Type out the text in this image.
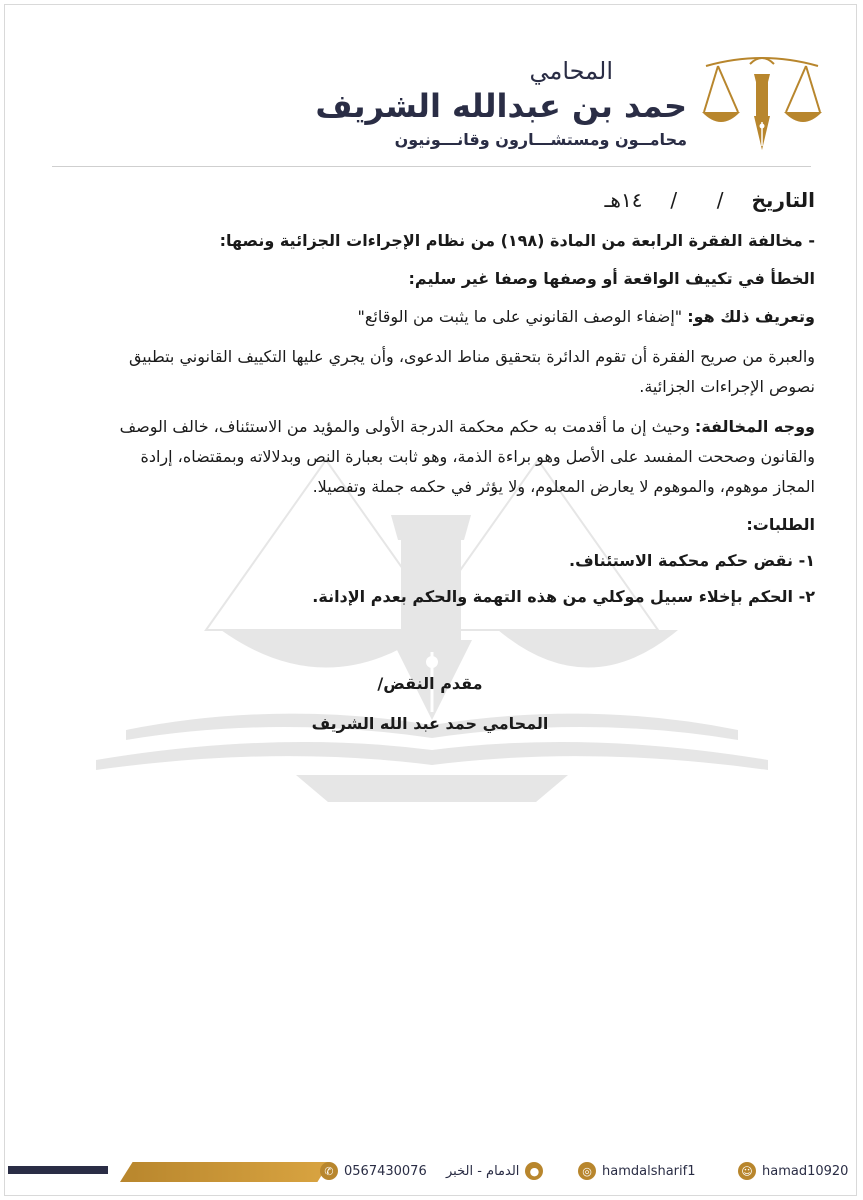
المحامي
حمد بن عبدالله الشريف
محامــون ومستشـــارون وقانـــونيون
التاريخ / / ١٤هـ

- مخالفة الفقرة الرابعة من المادة (١٩٨) من نظام الإجراءات الجزائية ونصها:

الخطأ في تكييف الواقعة أو وصفها وصفا غير سليم:

وتعريف ذلك هو: "إضفاء الوصف القانوني على ما يثبت من الوقائع"

والعبرة من صريح الفقرة أن تقوم الدائرة بتحقيق مناط الدعوى، وأن يجري عليها التكييف القانوني بتطبيق نصوص الإجراءات الجزائية.

ووجه المخالفة: وحيث إن ما أقدمت به حكم محكمة الدرجة الأولى والمؤيد من الاستئناف، خالف الوصف والقانون وصححت المفسد على الأصل وهو براءة الذمة، وهو ثابت بعبارة النص وبدلالاته وبمقتضاه، إرادة المجاز موهوم، والموهوم لا يعارض المعلوم، ولا يؤثر في حكمه جملة وتفصيلا.

الطلبات:

١- نقض حكم محكمة الاستئناف.

٢- الحكم بإخلاء سبيل موكلي من هذه التهمة والحكم بعدم الإدانة.

مقدم النقض/
المحامي حمد عبد الله الشريف
✆ 0567430076	●
الدمام - الخبر	◎ hamdalsharif1	☺ hamad10920
